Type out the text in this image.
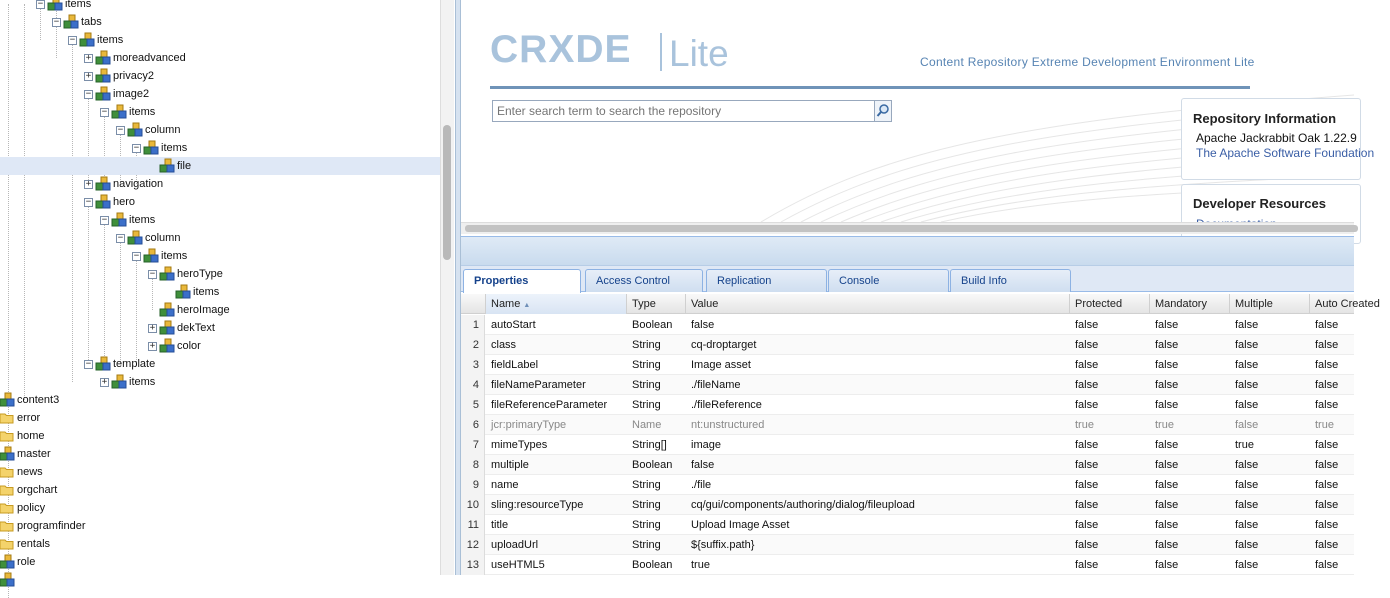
− items
− tabs
− items
+ moreadvanced
+ privacy2
− image2
− items
− column
− items
file
+ navigation
− hero
− items
− column
− items
− heroType
items
heroImage
+ dekText
+ color
− template
+ items
content3
error
home
master
news
orgchart
policy
programfinder
rentals
role
CRXDE Lite	Content Repository Extreme Development Environment Lite
Enter search term to search the repository
Repository Information
Apache Jackrabbit Oak 1.22.9
The Apache Software Foundation
Developer Resources
Properties	Access Control	Replication	Console	Build Info
Name ▲	Type	Value	Protected	Mandatory	Multiple	Auto Created
1	autoStart	Boolean	false	false	false	false	false
2	class	String	cq-droptarget	false	false	false	false
3	fieldLabel	String	Image asset	false	false	false	false
4	fileNameParameter	String	./fileName	false	false	false	false
5	fileReferenceParameter	String	./fileReference	false	false	false	false
6	jcr:primaryType	Name	nt:unstructured	true	true	false	true
7	mimeTypes	String[]	image	false	false	true	false
8	multiple	Boolean	false	false	false	false	false
9	name	String	./file	false	false	false	false
10	sling:resourceType	String	cq/gui/components/authoring/dialog/fileupload	false	false	false	false
11	title	String	Upload Image Asset	false	false	false	false
12	uploadUrl	String	${suffix.path}	false	false	false	false
13	useHTML5	Boolean	true	false	false	false	false
